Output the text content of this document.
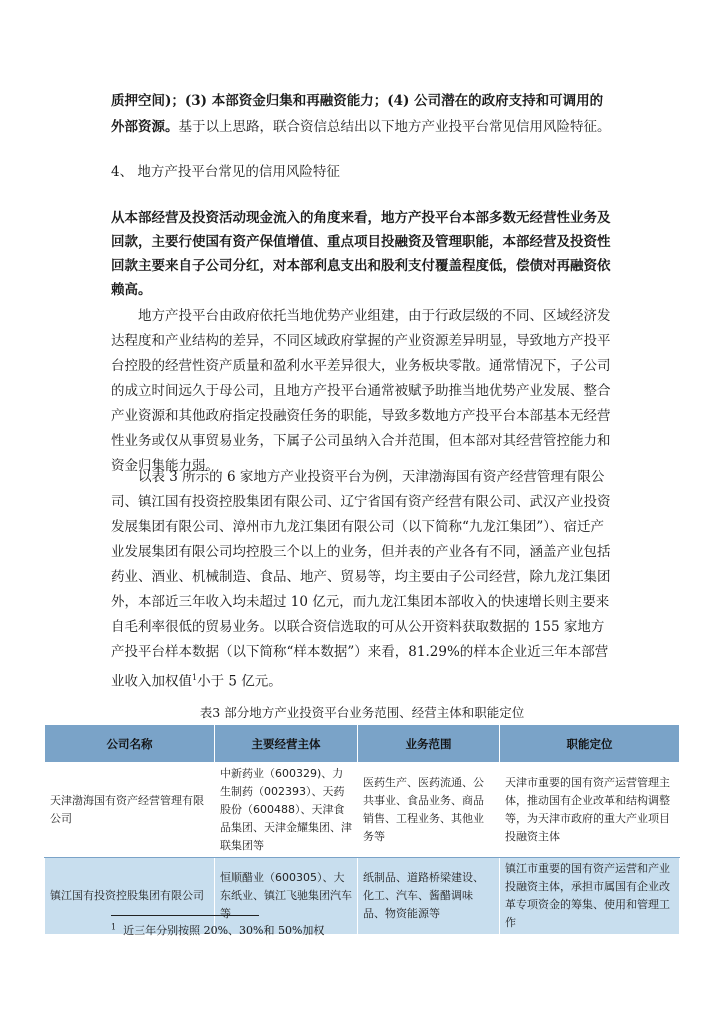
质押空间)；(3) 本部资金归集和再融资能力；(4) 公司潜在的政府支持和可调用的外部资源。基于以上思路，联合资信总结出以下地方产业投平台常见信用风险特征。

4、 地方产投平台常见的信用风险特征

从本部经营及投资活动现金流入的角度来看，地方产投平台本部多数无经营性业务及回款，主要行使国有资产保值增值、重点项目投融资及管理职能，本部经营及投资性回款主要来自子公司分红，对本部利息支出和股利支付覆盖程度低，偿债对再融资依赖高。

地方产投平台由政府依托当地优势产业组建，由于行政层级的不同、区域经济发达程度和产业结构的差异，不同区域政府掌握的产业资源差异明显，导致地方产投平台控股的经营性资产质量和盈利水平差异很大，业务板块零散。通常情况下，子公司的成立时间远久于母公司，且地方产投平台通常被赋予助推当地优势产业发展、整合产业资源和其他政府指定投融资任务的职能，导致多数地方产投平台本部基本无经营性业务或仅从事贸易业务，下属子公司虽纳入合并范围，但本部对其经营管控能力和资金归集能力弱。

以表 3 所示的 6 家地方产业投资平台为例，天津渤海国有资产经营管理有限公司、镇江国有投资控股集团有限公司、辽宁省国有资产经营有限公司、武汉产业投资发展集团有限公司、漳州市九龙江集团有限公司（以下简称“九龙江集团”）、宿迁产业发展集团有限公司均控股三个以上的业务，但并表的产业各有不同，涵盖产业包括药业、酒业、机械制造、食品、地产、贸易等，均主要由子公司经营，除九龙江集团外，本部近三年收入均未超过 10 亿元，而九龙江集团本部收入的快速增长则主要来自毛利率很低的贸易业务。以联合资信选取的可从公开资料获取数据的 155 家地方产投平台样本数据（以下简称“样本数据”）来看，81.29%的样本企业近三年本部营业收入加权值$^1$小于 5 亿元。

表3 部分地方产业投资平台业务范围、经营主体和职能定位

公司名称	主要经营主体	业务范围	职能定位
天津渤海国有资产经营管理有限公司	中新药业（600329)、力生制药（002393）、天药股份（600488）、天津食品集团、天津金耀集团、津联集团等	医药生产、医药流通、公共事业、食品业务、商品销售、工程业务、其他业务等	天津市重要的国有资产运营管理主体，推动国有企业改革和结构调整等，为天津市政府的重大产业项目投融资主体
镇江国有投资控股集团有限公司	恒顺醋业（600305）、大东纸业、镇江飞驰集团汽车等	纸制品、道路桥梁建设、化工、汽车、酱醋调味品、物资能源等	镇江市重要的国有资产运营和产业投融资主体，承担市属国有企业改革专项资金的筹集、使用和管理工作

$^1$ 近三年分别按照 20%、30%和 50%加权
